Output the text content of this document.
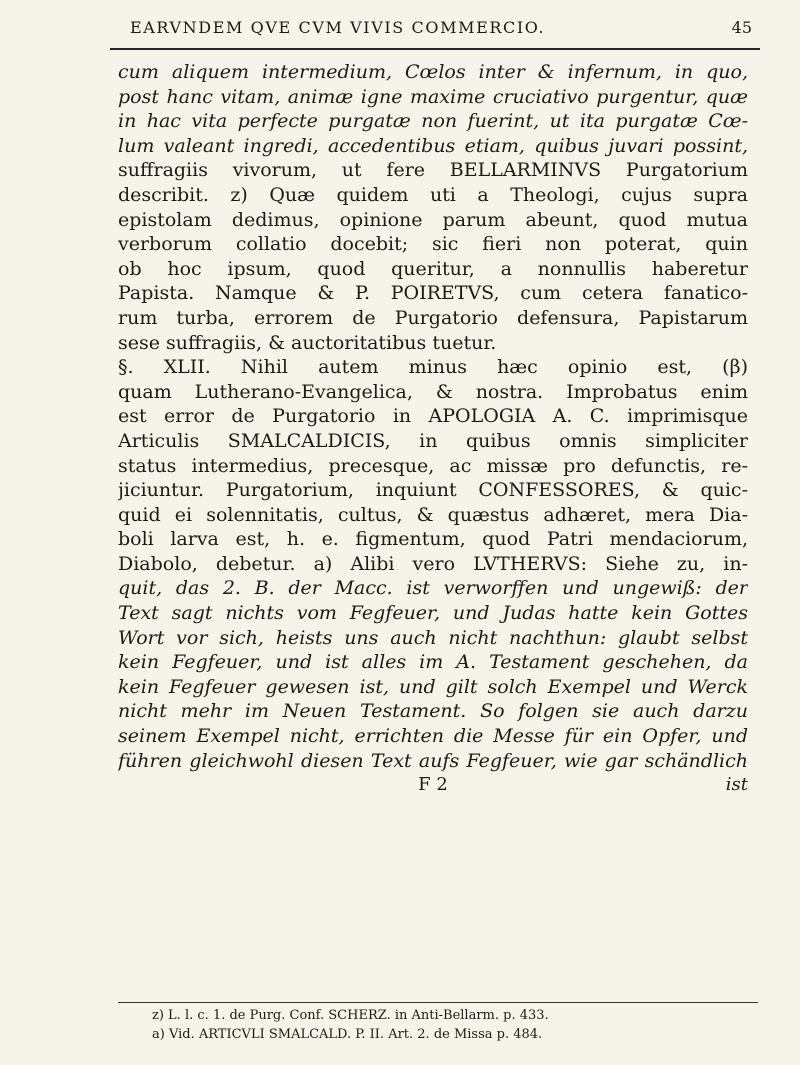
EARVNDEM QVE CVM VIVIS COMMERCIO.	45
cum aliquem intermedium, Cœlos inter & infernum, in quo,
post hanc vitam, animæ igne maxime cruciativo purgentur, quæ
in hac vita perfecte purgatæ non fuerint, ut ita purgatæ Cœ-
lum valeant ingredi, accedentibus etiam, quibus juvari possint,
suffragiis vivorum, ut fere BELLARMINVS Purgatorium
describit. z) Quæ quidem uti a Theologi, cujus supra
epistolam dedimus, opinione parum abeunt, quod mutua
verborum collatio docebit; sic fieri non poterat, quin
ob hoc ipsum, quod queritur, a nonnullis haberetur
Papista. Namque & P. POIRETVS, cum cetera fanatico-
rum turba, errorem de Purgatorio defensura, Papistarum
sese suffragiis, & auctoritatibus tuetur.
§. XLII. Nihil autem minus hæc opinio est, (β)
quam Lutherano-Evangelica, & nostra. Improbatus enim
est error de Purgatorio in APOLOGIA A. C. imprimisque
Articulis SMALCALDICIS, in quibus omnis simpliciter
status intermedius, precesque, ac missæ pro defunctis, re-
jiciuntur. Purgatorium, inquiunt CONFESSORES, & quic-
quid ei solennitatis, cultus, & quæstus adhæret, mera Dia-
boli larva est, h. e. figmentum, quod Patri mendaciorum,
Diabolo, debetur. a) Alibi vero LVTHERVS: Siehe zu, in-
quit, das 2. B. der Macc. ist verworffen und ungewiß: der
Text sagt nichts vom Fegfeuer, und Judas hatte kein Gottes
Wort vor sich, heists uns auch nicht nachthun: glaubt selbst
kein Fegfeuer, und ist alles im A. Testament geschehen, da
kein Fegfeuer gewesen ist, und gilt solch Exempel und Werck
nicht mehr im Neuen Testament. So folgen sie auch darzu
seinem Exempel nicht, errichten die Messe für ein Opfer, und
führen gleichwohl diesen Text aufs Fegfeuer, wie gar schändlich
F 2	ist
z) L. l. c. 1. de Purg. Conf. SCHERZ. in Anti-Bellarm. p. 433.
a) Vid. ARTICVLI SMALCALD. P. II. Art. 2. de Missa p. 484.
